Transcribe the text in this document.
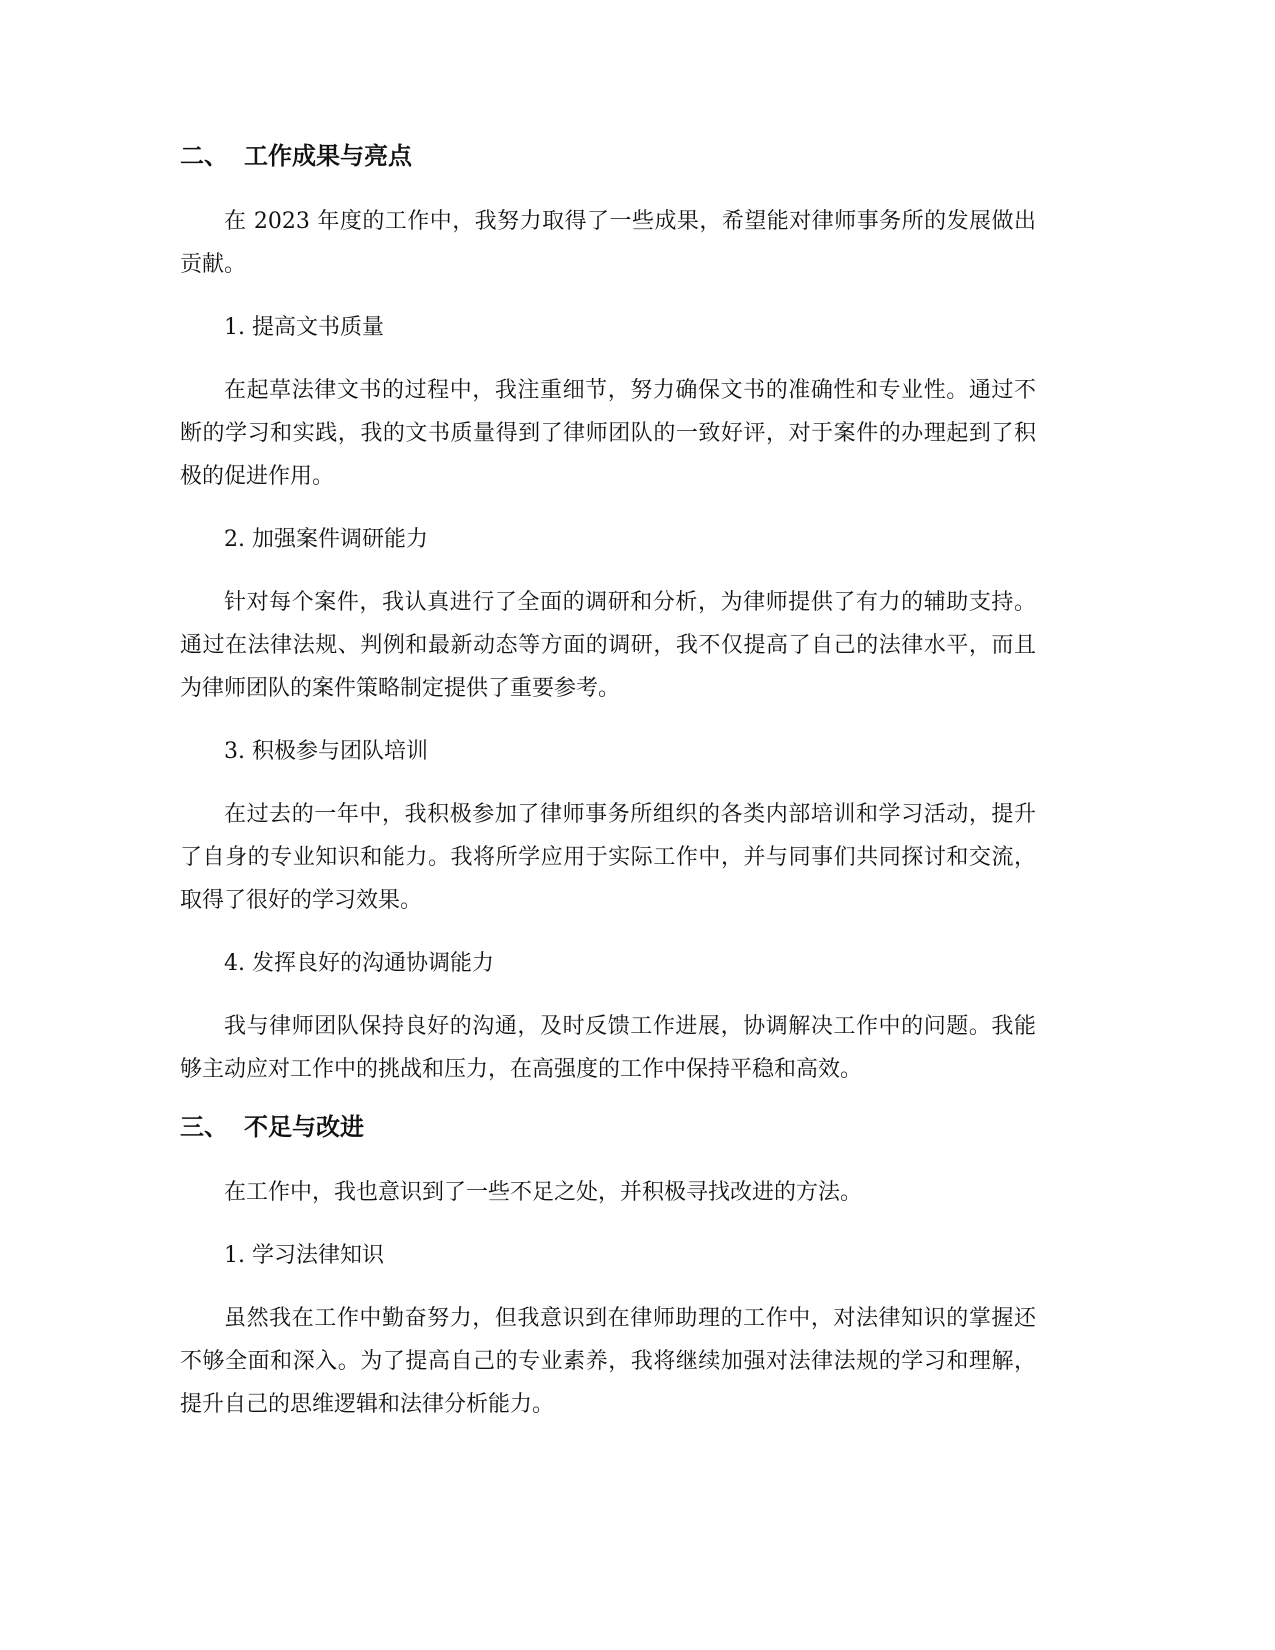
二、 工作成果与亮点

在 2023 年度的工作中，我努力取得了一些成果，希望能对律师事务所的发展做出贡献。

1. 提高文书质量

在起草法律文书的过程中，我注重细节，努力确保文书的准确性和专业性。通过不断的学习和实践，我的文书质量得到了律师团队的一致好评，对于案件的办理起到了积极的促进作用。

2. 加强案件调研能力

针对每个案件，我认真进行了全面的调研和分析，为律师提供了有力的辅助支持。通过在法律法规、判例和最新动态等方面的调研，我不仅提高了自己的法律水平，而且为律师团队的案件策略制定提供了重要参考。

3. 积极参与团队培训

在过去的一年中，我积极参加了律师事务所组织的各类内部培训和学习活动，提升了自身的专业知识和能力。我将所学应用于实际工作中，并与同事们共同探讨和交流，取得了很好的学习效果。

4. 发挥良好的沟通协调能力

我与律师团队保持良好的沟通，及时反馈工作进展，协调解决工作中的问题。我能够主动应对工作中的挑战和压力，在高强度的工作中保持平稳和高效。

三、 不足与改进

在工作中，我也意识到了一些不足之处，并积极寻找改进的方法。

1. 学习法律知识

虽然我在工作中勤奋努力，但我意识到在律师助理的工作中，对法律知识的掌握还不够全面和深入。为了提高自己的专业素养，我将继续加强对法律法规的学习和理解，提升自己的思维逻辑和法律分析能力。
